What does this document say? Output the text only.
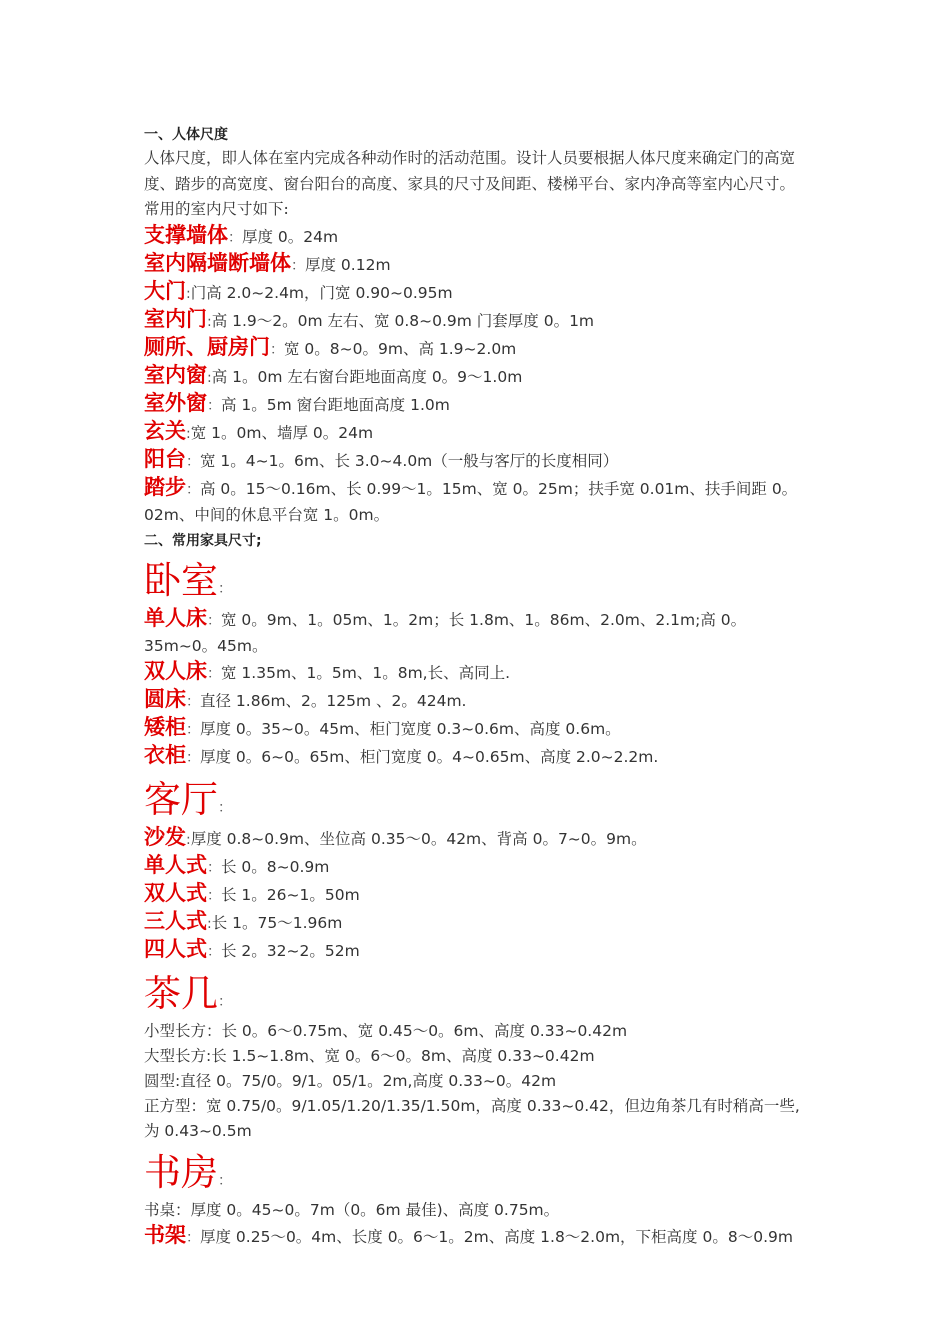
一、人体尺度
人体尺度，即人体在室内完成各种动作时的活动范围。设计人员要根据人体尺度来确定门的高宽度、踏步的高宽度、窗台阳台的高度、家具的尺寸及间距、楼梯平台、家内净高等室内心尺寸。常用的室内尺寸如下:
支撑墙体：厚度 0。24m
室内隔墙断墙体：厚度 0.12m
大门:门高 2.0~2.4m，门宽 0.90~0.95m
室内门:高 1.9～2。0m 左右、宽 0.8~0.9m 门套厚度 0。1m
厕所、厨房门：宽 0。8~0。9m、高 1.9~2.0m
室内窗:高 1。0m 左右窗台距地面高度 0。9～1.0m
室外窗：高 1。5m 窗台距地面高度 1.0m
玄关:宽 1。0m、墙厚 0。24m
阳台：宽 1。4~1。6m、长 3.0~4.0m（一般与客厅的长度相同）
踏步：高 0。15～0.16m、长 0.99～1。15m、宽 0。25m；扶手宽 0.01m、扶手间距 0。02m、中间的休息平台宽 1。0m。
二、常用家具尺寸;
卧室：
单人床：宽 0。9m、1。05m、1。2m；长 1.8m、1。86m、2.0m、2.1m;高 0。35m~0。45m。
双人床：宽 1.35m、1。5m、1。8m,长、高同上.
圆床：直径 1.86m、2。125m 、2。424m.
矮柜：厚度 0。35~0。45m、柜门宽度 0.3~0.6m、高度 0.6m。
衣柜：厚度 0。6~0。65m、柜门宽度 0。4~0.65m、高度 2.0~2.2m.
客厅：
沙发:厚度 0.8~0.9m、坐位高 0.35～0。42m、背高 0。7~0。9m。
单人式：长 0。8~0.9m
双人式：长 1。26~1。50m
三人式:长 1。75～1.96m
四人式：长 2。32~2。52m
茶几：
小型长方：长 0。6～0.75m、宽 0.45～0。6m、高度 0.33~0.42m
大型长方:长 1.5~1.8m、宽 0。6～0。8m、高度 0.33~0.42m
圆型:直径 0。75/0。9/1。05/1。2m,高度 0.33~0。42m
正方型：宽 0.75/0。9/1.05/1.20/1.35/1.50m，高度 0.33~0.42，但边角茶几有时稍高一些,为 0.43~0.5m
书房：
书桌：厚度 0。45~0。7m（0。6m 最佳)、高度 0.75m。
书架：厚度 0.25～0。4m、长度 0。6～1。2m、高度 1.8～2.0m，下柜高度 0。8～0.9m
